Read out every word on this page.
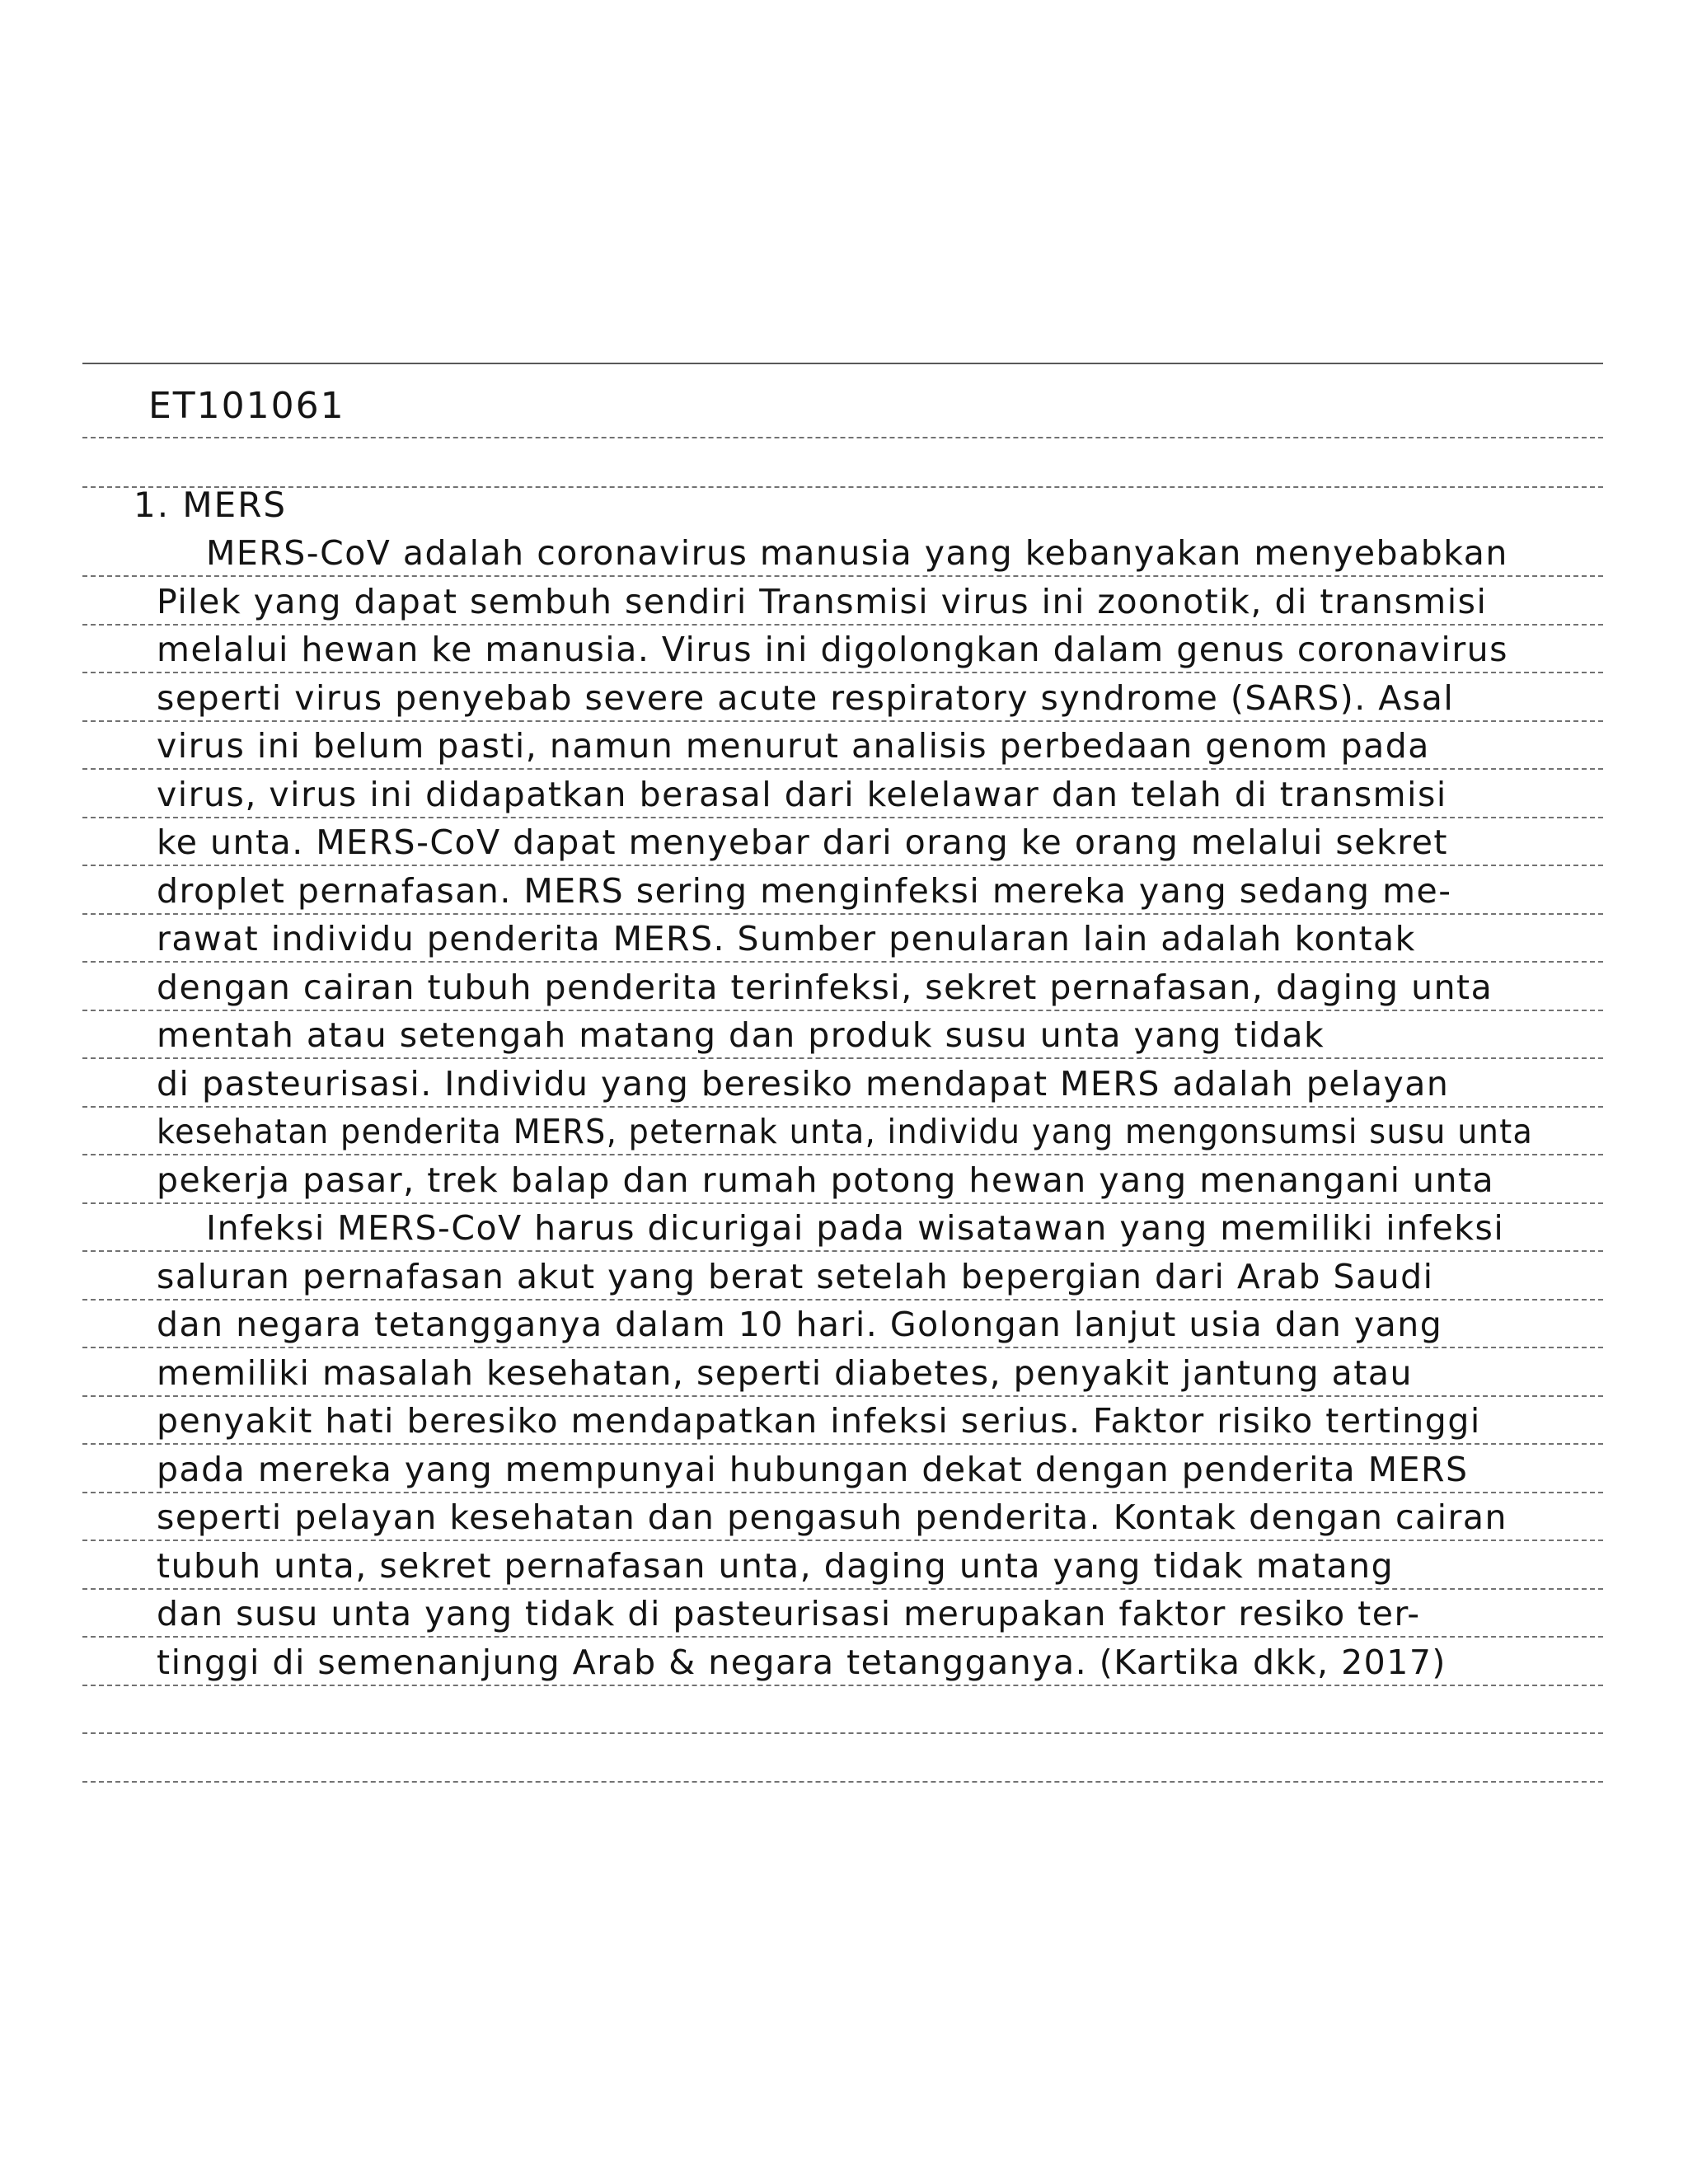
ET101061
1. MERS
MERS-CoV adalah coronavirus manusia yang kebanyakan menyebabkan
Pilek yang dapat sembuh sendiri Transmisi virus ini zoonotik, di transmisi
melalui hewan ke manusia. Virus ini digolongkan dalam genus coronavirus
seperti virus penyebab severe acute respiratory syndrome (SARS). Asal
virus ini belum pasti, namun menurut analisis perbedaan genom pada
virus, virus ini didapatkan berasal dari kelelawar dan telah di transmisi
ke unta. MERS-CoV dapat menyebar dari orang ke orang melalui sekret
droplet pernafasan. MERS sering menginfeksi mereka yang sedang me-
rawat individu penderita MERS. Sumber penularan lain adalah kontak
dengan cairan tubuh penderita terinfeksi, sekret pernafasan, daging unta
mentah atau setengah matang dan produk susu unta yang tidak
di pasteurisasi. Individu yang beresiko mendapat MERS adalah pelayan
kesehatan penderita MERS, peternak unta, individu yang mengonsumsi susu unta
pekerja pasar, trek balap dan rumah potong hewan yang menangani unta
Infeksi MERS-CoV harus dicurigai pada wisatawan yang memiliki infeksi
saluran pernafasan akut yang berat setelah bepergian dari Arab Saudi
dan negara tetangganya dalam 10 hari. Golongan lanjut usia dan yang
memiliki masalah kesehatan, seperti diabetes, penyakit jantung atau
penyakit hati beresiko mendapatkan infeksi serius. Faktor risiko tertinggi
pada mereka yang mempunyai hubungan dekat dengan penderita MERS
seperti pelayan kesehatan dan pengasuh penderita. Kontak dengan cairan
tubuh unta, sekret pernafasan unta, daging unta yang tidak matang
dan susu unta yang tidak di pasteurisasi merupakan faktor resiko ter-
tinggi di semenanjung Arab & negara tetangganya. (Kartika dkk, 2017)
